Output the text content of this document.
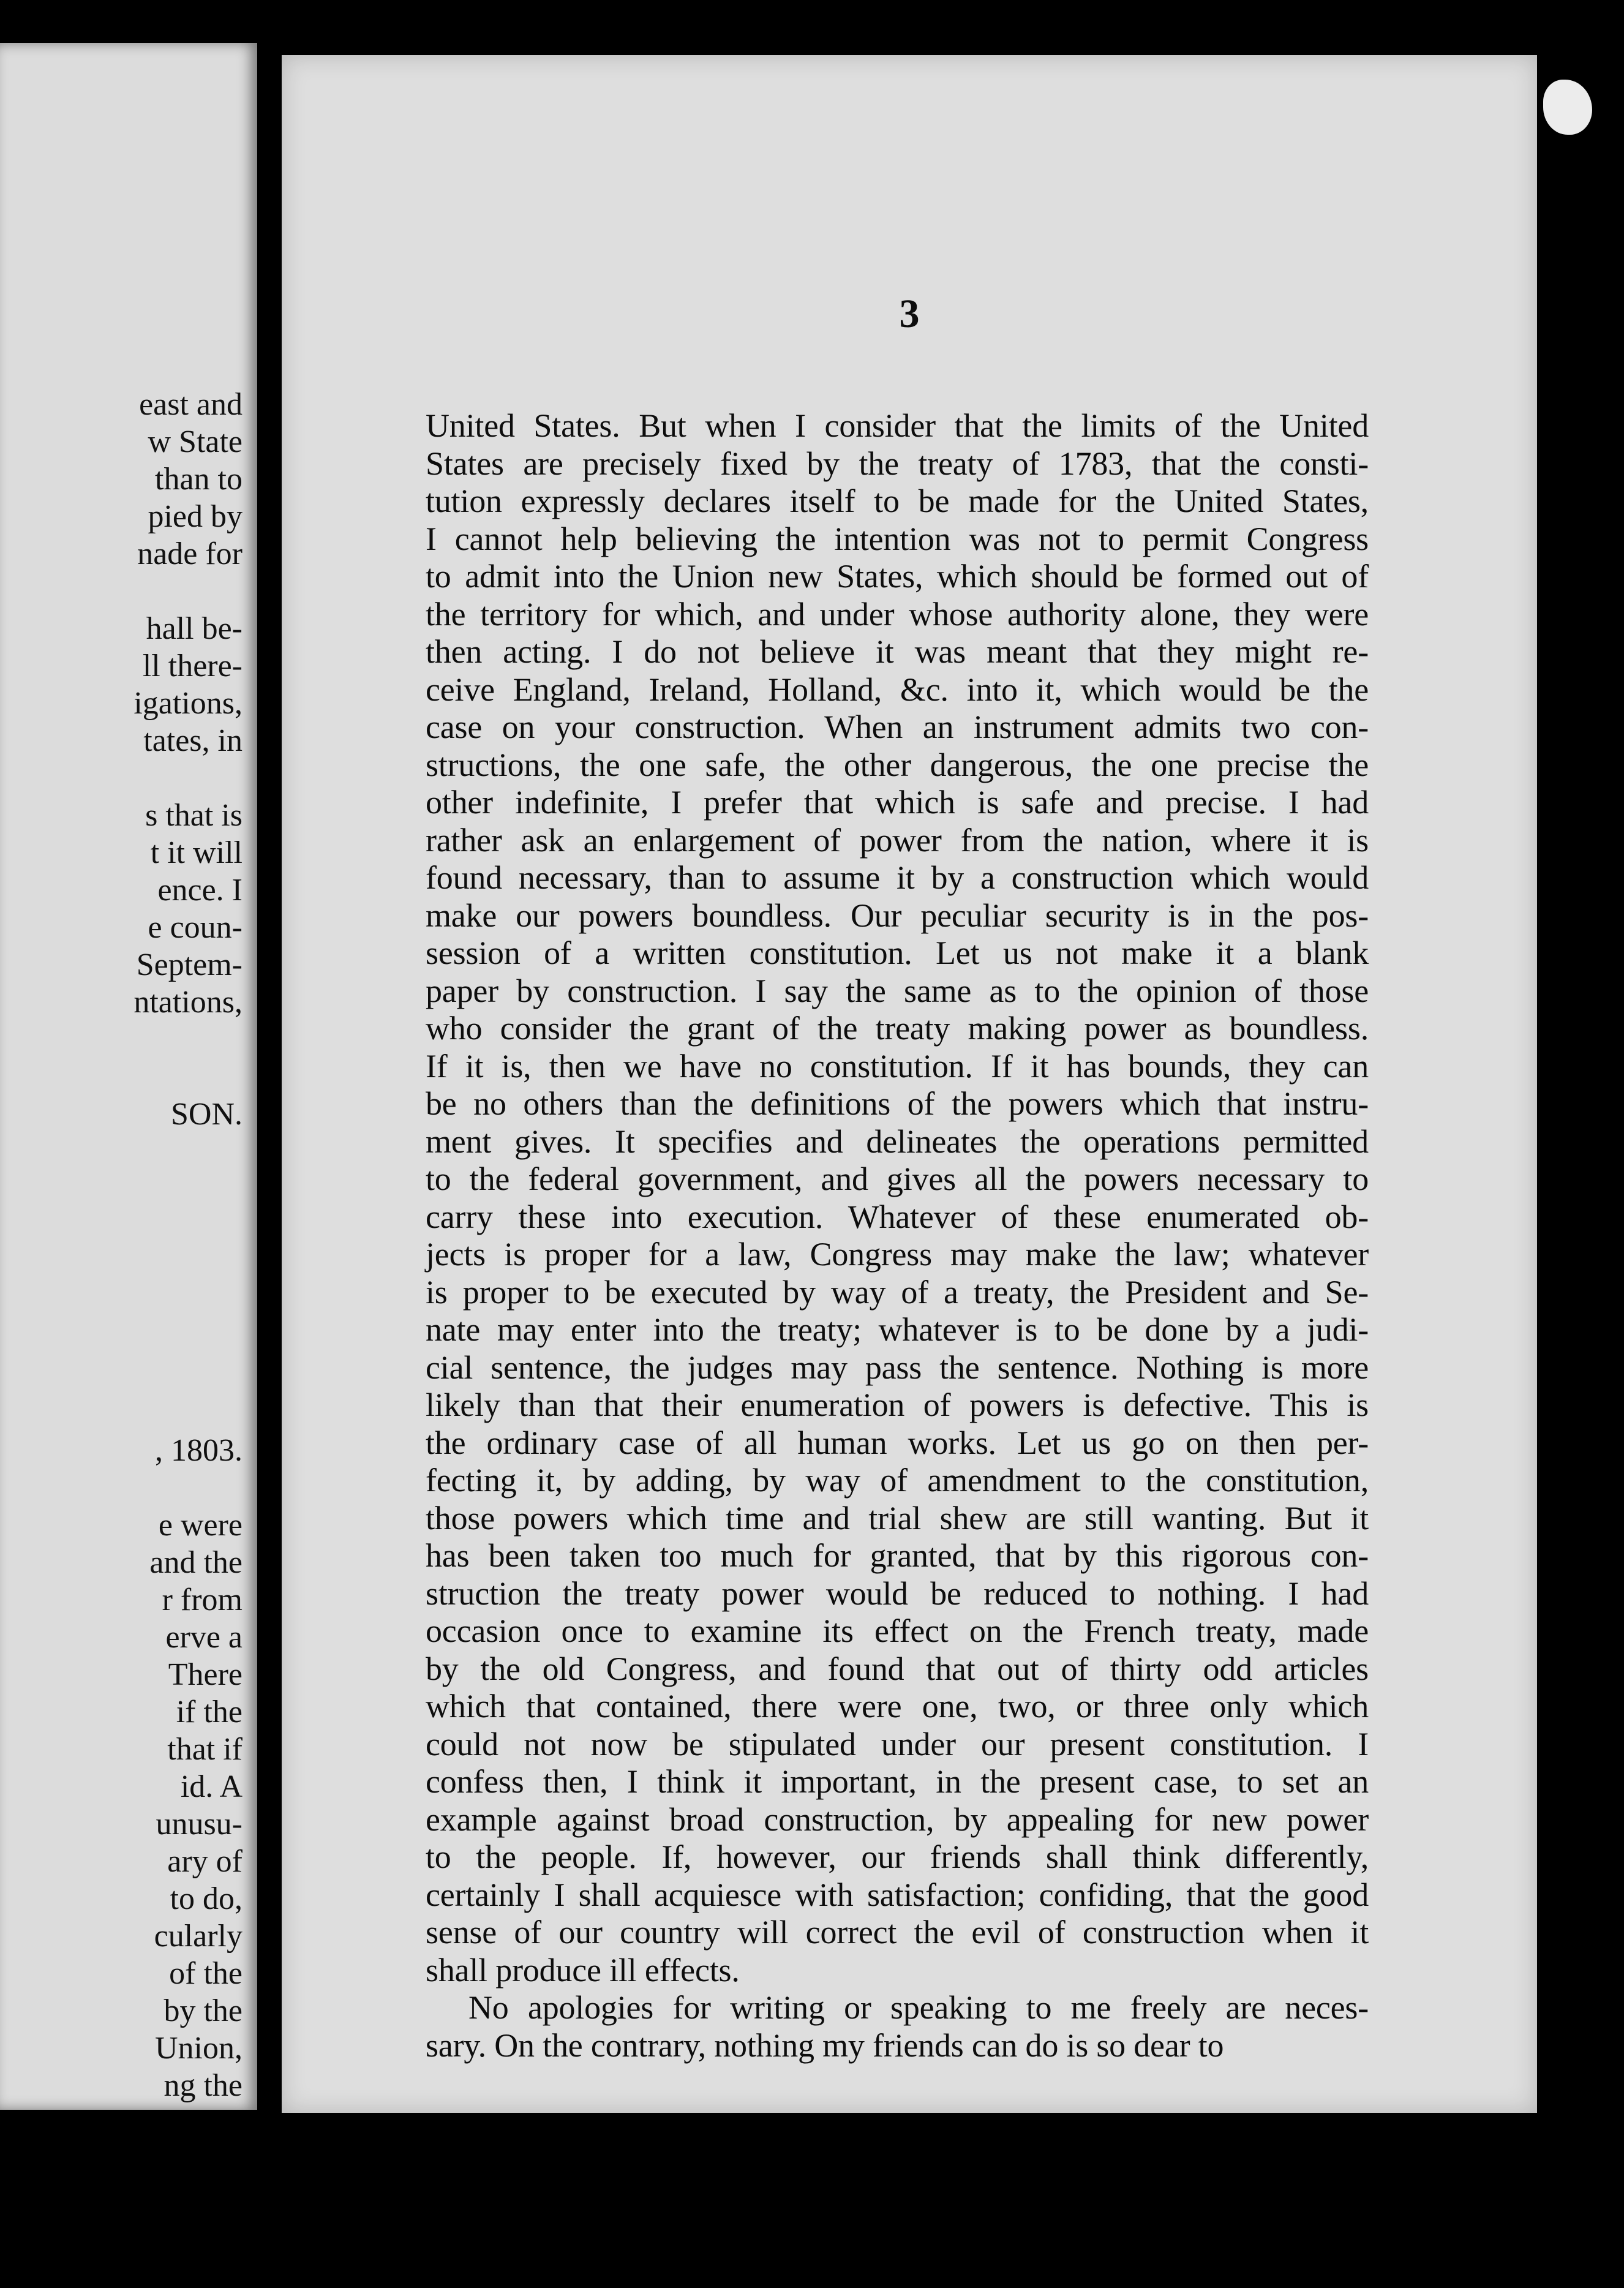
east and
w State
than to
pied by
nade for
hall be-
ll there-
igations,
tates, in
s that is
t it will
ence. I
e coun-
Septem-
ntations,
SON.
, 1803.
e were
and the
r from
erve a
There
if the
that if
id. A
unusu-
ary of
to do,
cularly
of the
by the
Union,
ng the
3
United States. But when I consider that the limits of the United
States are precisely fixed by the treaty of 1783, that the consti-
tution expressly declares itself to be made for the United States,
I cannot help believing the intention was not to permit Congress
to admit into the Union new States, which should be formed out of
the territory for which, and under whose authority alone, they were
then acting. I do not believe it was meant that they might re-
ceive England, Ireland, Holland, &c. into it, which would be the
case on your construction. When an instrument admits two con-
structions, the one safe, the other dangerous, the one precise the
other indefinite, I prefer that which is safe and precise. I had
rather ask an enlargement of power from the nation, where it is
found necessary, than to assume it by a construction which would
make our powers boundless. Our peculiar security is in the pos-
session of a written constitution. Let us not make it a blank
paper by construction. I say the same as to the opinion of those
who consider the grant of the treaty making power as boundless.
If it is, then we have no constitution. If it has bounds, they can
be no others than the definitions of the powers which that instru-
ment gives. It specifies and delineates the operations permitted
to the federal government, and gives all the powers necessary to
carry these into execution. Whatever of these enumerated ob-
jects is proper for a law, Congress may make the law; whatever
is proper to be executed by way of a treaty, the President and Se-
nate may enter into the treaty; whatever is to be done by a judi-
cial sentence, the judges may pass the sentence. Nothing is more
likely than that their enumeration of powers is defective. This is
the ordinary case of all human works. Let us go on then per-
fecting it, by adding, by way of amendment to the constitution,
those powers which time and trial shew are still wanting. But it
has been taken too much for granted, that by this rigorous con-
struction the treaty power would be reduced to nothing. I had
occasion once to examine its effect on the French treaty, made
by the old Congress, and found that out of thirty odd articles
which that contained, there were one, two, or three only which
could not now be stipulated under our present constitution. I
confess then, I think it important, in the present case, to set an
example against broad construction, by appealing for new power
to the people. If, however, our friends shall think differently,
certainly I shall acquiesce with satisfaction; confiding, that the good
sense of our country will correct the evil of construction when it
shall produce ill effects.
No apologies for writing or speaking to me freely are neces-
sary. On the contrary, nothing my friends can do is so dear to
